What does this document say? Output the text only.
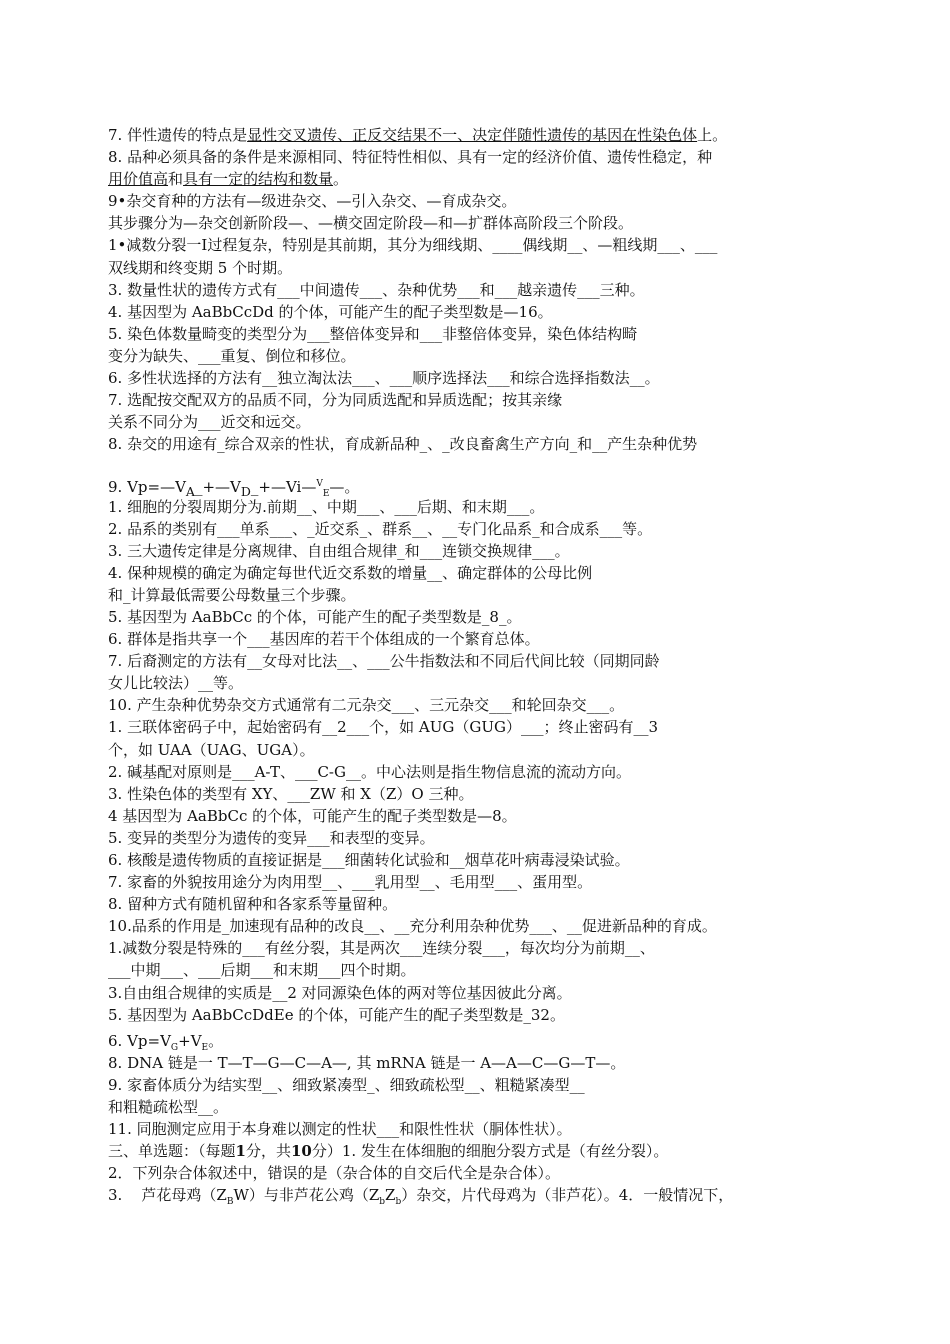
7. 伴性遗传的特点是显性交叉遗传、正反交结果不一、决定伴随性遗传的基因在性染色体上。
8. 品种必须具备的条件是来源相同、特征特性相似、具有一定的经济价值、遗传性稳定，种
用价值高和具有一定的结构和数量。
9•杂交育种的方法有—级进杂交、—引入杂交、—育成杂交。
其步骤分为—杂交创新阶段—、—横交固定阶段—和—扩群体高阶段三个阶段。
1•减数分裂一Ⅰ过程复杂，特别是其前期，其分为细线期、____偶线期__、—粗线期___、___
双线期和终变期 5 个时期。
3. 数量性状的遗传方式有___中间遗传___、杂种优势___和___越亲遗传___三种。
4. 基因型为 AaBbCcDd 的个体，可能产生的配子类型数是—16。
5. 染色体数量畸变的类型分为___整倍体变异和___非整倍体变异，染色体结构畸
变分为缺失、___重复、倒位和移位。
6. 多性状选择的方法有__独立淘汰法___、___顺序选择法___和综合选择指数法__。
7. 选配按交配双方的品质不同，分为同质选配和异质选配；按其亲缘
关系不同分为___近交和远交。
8. 杂交的用途有_综合双亲的性状，育成新品种_、_改良畜禽生产方向_和__产生杂种优势
9. $Vp=—V_A\_+—V_D\_+—Vi—^V_E—$。
1. 细胞的分裂周期分为.前期__、中期___、___后期、和末期___。
2. 品系的类别有___单系___、_近交系_、群系__、__专门化品系_和合成系___等。
3. 三大遗传定律是分离规律、自由组合规律_和___连锁交换规律___。
4. 保种规模的确定为确定每世代近交系数的增量__、确定群体的公母比例
和_计算最低需要公母数量三个步骤。
5. 基因型为 AaBbCc 的个体，可能产生的配子类型数是_8_。
6. 群体是指共享一个___基因库的若干个体组成的一个繁育总体。
7. 后裔测定的方法有__女母对比法__、___公牛指数法和不同后代间比较（同期同龄
女儿比较法）__等。
10. 产生杂种优势杂交方式通常有二元杂交___、三元杂交___和轮回杂交___。
1. 三联体密码子中，起始密码有__2___个，如 AUG（GUG）___；终止密码有__3
个，如 UAA（UAG、UGA）。
2. 碱基配对原则是___A-T、___C-G__。中心法则是指生物信息流的流动方向。
3. 性染色体的类型有 XY、___ZW 和 X（Z）O 三种。
4 基因型为 AaBbCc 的个体，可能产生的配子类型数是—8。
5. 变异的类型分为遗传的变异___和表型的变异。
6. 核酸是遗传物质的直接证据是___细菌转化试验和__烟草花叶病毒浸染试验。
7. 家畜的外貌按用途分为肉用型__、___乳用型__、毛用型___、蛋用型。
8. 留种方式有随机留种和各家系等量留种。
10.品系的作用是_加速现有品种的改良__、__充分利用杂种优势___、__促进新品种的育成。
1.减数分裂是特殊的___有丝分裂，其是两次___连续分裂___，每次均分为前期__、
___中期___、___后期___和末期___四个时期。
3.自由组合规律的实质是__2 对同源染色体的两对等位基因彼此分离。
5. 基因型为 AaBbCcDdEe 的个体，可能产生的配子类型数是_32。
6. $Vp=V_G+V_E$。
8. DNA 链是一 T—T—G—C—A—, 其 mRNA 链是一 A—A—C—G—T—。
9. 家畜体质分为结实型__、细致紧凑型_、细致疏松型__、粗糙紧凑型__
和粗糙疏松型__。
11. 同胞测定应用于本身难以测定的性状___和限性性状（胴体性状）。
三、单选题：（每题1分，共10分）1. 发生在体细胞的细胞分裂方式是（有丝分裂）。
2．下列杂合体叙述中，错误的是（杂合体的自交后代全是杂合体）。
3.    芦花母鸡$(Z_BW)$与非芦花公鸡$(Z_bZ_b)$杂交，片代母鸡为（非芦花）。4．一般情况下，
